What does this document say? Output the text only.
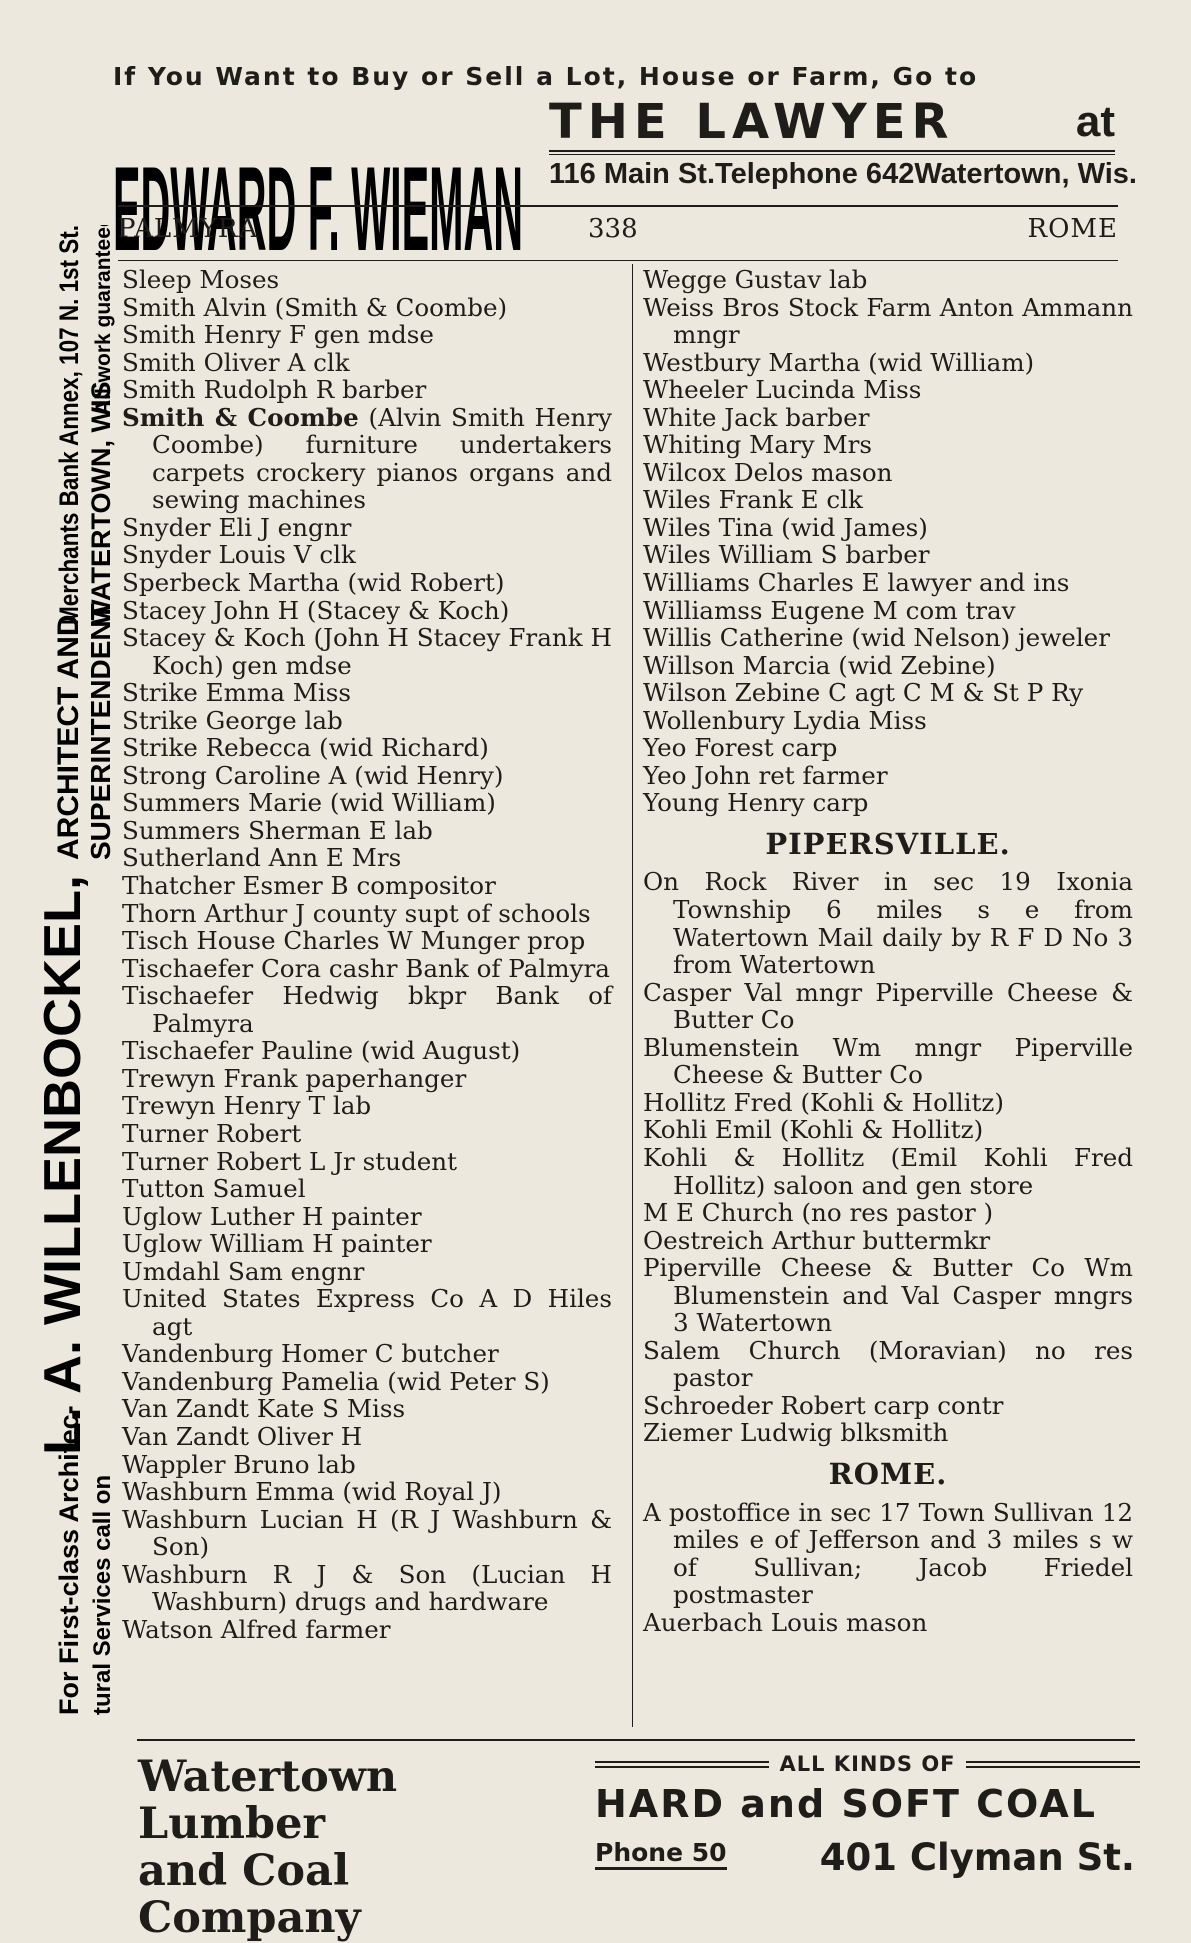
If You Want to Buy or Sell a Lot, House or Farm, Go to
EDWARD F. WIEMAN
THE LAWYER	at
116 Main St. Telephone 642 Watertown, Wis.
PALMYRA	338	ROME
For First-class Architec-
L. A. WILLENBOCKEL,
ARCHITECT AND
Merchants Bank Annex, 107 N. 1st St.
tural Services call on
SUPERINTENDENT
WATERTOWN, WIS.
All work guaranteed Sleep Moses
Smith Alvin (Smith & Coombe)
Smith Henry F gen mdse
Smith Oliver A clk
Smith Rudolph R barber
Smith & Coombe (Alvin Smith Henry Coombe) furniture undertakers carpets crockery pianos organs and sewing machines
Snyder Eli J engnr
Snyder Louis V clk
Sperbeck Martha (wid Robert)
Stacey John H (Stacey & Koch)
Stacey & Koch (John H Stacey Frank H Koch) gen mdse
Strike Emma Miss
Strike George lab
Strike Rebecca (wid Richard)
Strong Caroline A (wid Henry)
Summers Marie (wid William)
Summers Sherman E lab
Sutherland Ann E Mrs
Thatcher Esmer B compositor
Thorn Arthur J county supt of schools
Tisch House Charles W Munger prop
Tischaefer Cora cashr Bank of Palmyra
Tischaefer Hedwig bkpr Bank of Palmyra
Tischaefer Pauline (wid August)
Trewyn Frank paperhanger
Trewyn Henry T lab
Turner Robert
Turner Robert L Jr student
Tutton Samuel
Uglow Luther H painter
Uglow William H painter
Umdahl Sam engnr
United States Express Co A D Hiles agt
Vandenburg Homer C butcher
Vandenburg Pamelia (wid Peter S)
Van Zandt Kate S Miss
Van Zandt Oliver H
Wappler Bruno lab
Washburn Emma (wid Royal J)
Washburn Lucian H (R J Washburn & Son)
Washburn R J & Son (Lucian H Washburn) drugs and hardware
Watson Alfred farmer
Wegge Gustav lab
Weiss Bros Stock Farm Anton Ammann mngr
Westbury Martha (wid William)
Wheeler Lucinda Miss
White Jack barber
Whiting Mary Mrs
Wilcox Delos mason
Wiles Frank E clk
Wiles Tina (wid James)
Wiles William S barber
Williams Charles E lawyer and ins
Williamss Eugene M com trav
Willis Catherine (wid Nelson) jeweler
Willson Marcia (wid Zebine)
Wilson Zebine C agt C M & St P Ry
Wollenbury Lydia Miss
Yeo Forest carp
Yeo John ret farmer
Young Henry carp
PIPERSVILLE.
On Rock River in sec 19 Ixonia Township 6 miles s e from Watertown Mail daily by R F D No 3 from Watertown
Casper Val mngr Piperville Cheese & Butter Co
Blumenstein Wm mngr Piperville Cheese & Butter Co
Hollitz Fred (Kohli & Hollitz)
Kohli Emil (Kohli & Hollitz)
Kohli & Hollitz (Emil Kohli Fred Hollitz) saloon and gen store
M E Church (no res pastor )
Oestreich Arthur buttermkr
Piperville Cheese & Butter Co Wm Blumenstein and Val Casper mngrs 3 Watertown
Salem Church (Moravian) no res pastor
Schroeder Robert carp contr
Ziemer Ludwig blksmith
ROME.
A postoffice in sec 17 Town Sullivan 12 miles e of Jefferson and 3 miles s w of Sullivan; Jacob Friedel postmaster
Auerbach Louis mason
Watertown Lumber
and Coal Company
ALL KINDS OF
HARD and SOFT COAL
Phone 50	401 Clyman St.
